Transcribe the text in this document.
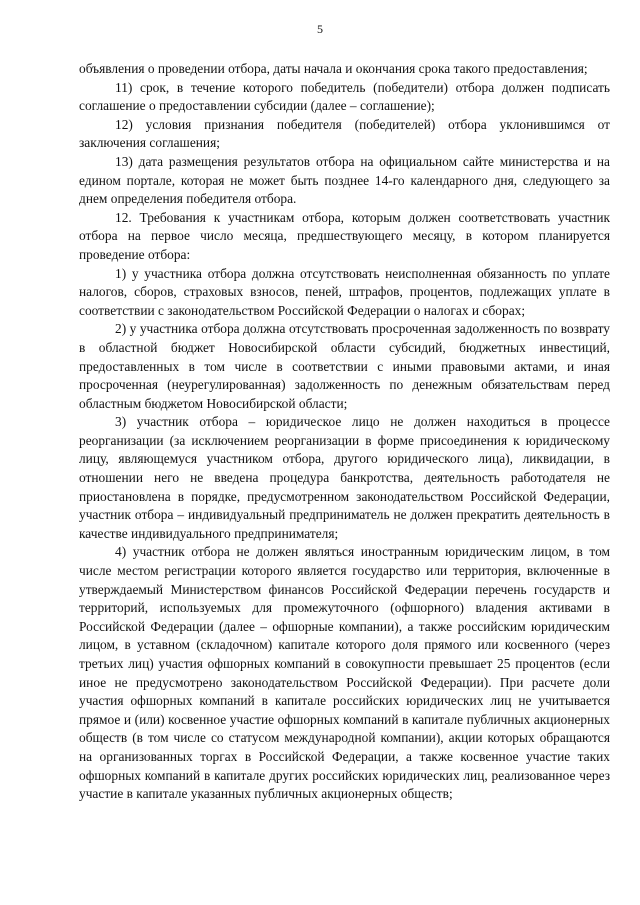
5

объявления о проведении отбора, даты начала и окончания срока такого предоставления;

11) срок, в течение которого победитель (победители) отбора должен подписать соглашение о предоставлении субсидии (далее – соглашение);

12) условия признания победителя (победителей) отбора уклонившимся от заключения соглашения;

13) дата размещения результатов отбора на официальном сайте министерства и на едином портале, которая не может быть позднее 14-го календарного дня, следующего за днем определения победителя отбора.

12. Требования к участникам отбора, которым должен соответствовать участник отбора на первое число месяца, предшествующего месяцу, в котором планируется проведение отбора:

1) у участника отбора должна отсутствовать неисполненная обязанность по уплате налогов, сборов, страховых взносов, пеней, штрафов, процентов, подлежащих уплате в соответствии с законодательством Российской Федерации о налогах и сборах;

2) у участника отбора должна отсутствовать просроченная задолженность по возврату в областной бюджет Новосибирской области субсидий, бюджетных инвестиций, предоставленных в том числе в соответствии с иными правовыми актами, и иная просроченная (неурегулированная) задолженность по денежным обязательствам перед областным бюджетом Новосибирской области;

3) участник отбора – юридическое лицо не должен находиться в процессе реорганизации (за исключением реорганизации в форме присоединения к юридическому лицу, являющемуся участником отбора, другого юридического лица), ликвидации, в отношении него не введена процедура банкротства, деятельность работодателя не приостановлена в порядке, предусмотренном законодательством Российской Федерации, участник отбора – индивидуальный предприниматель не должен прекратить деятельность в качестве индивидуального предпринимателя;

4) участник отбора не должен являться иностранным юридическим лицом, в том числе местом регистрации которого является государство или территория, включенные в утверждаемый Министерством финансов Российской Федерации перечень государств и территорий, используемых для промежуточного (офшорного) владения активами в Российской Федерации (далее – офшорные компании), а также российским юридическим лицом, в уставном (складочном) капитале которого доля прямого или косвенного (через третьих лиц) участия офшорных компаний в совокупности превышает 25 процентов (если иное не предусмотрено законодательством Российской Федерации). При расчете доли участия офшорных компаний в капитале российских юридических лиц не учитывается прямое и (или) косвенное участие офшорных компаний в капитале публичных акционерных обществ (в том числе со статусом международной компании), акции которых обращаются на организованных торгах в Российской Федерации, а также косвенное участие таких офшорных компаний в капитале других российских юридических лиц, реализованное через участие в капитале указанных публичных акционерных обществ;
